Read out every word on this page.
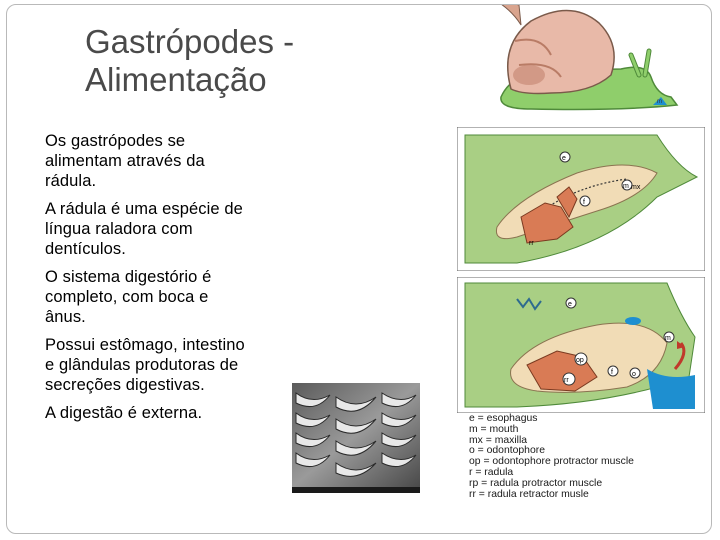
Gastrópodes -
Alimentação
Os gastrópodes se alimentam através da rádula.
A rádula é uma espécie de língua raladora com dentículos.
O sistema digestório é completo, com boca e ânus.
Possui estômago, intestino e glândulas produtoras de secreções digestivas.
A digestão é externa.
m
e
m mx
f
rr
e
m
op
rr
f	o
e = esophagus
m = mouth
mx = maxilla
o = odontophore
op = odontophore protractor muscle
r = radula
rp = radula protractor muscle
rr = radula retractor musle
